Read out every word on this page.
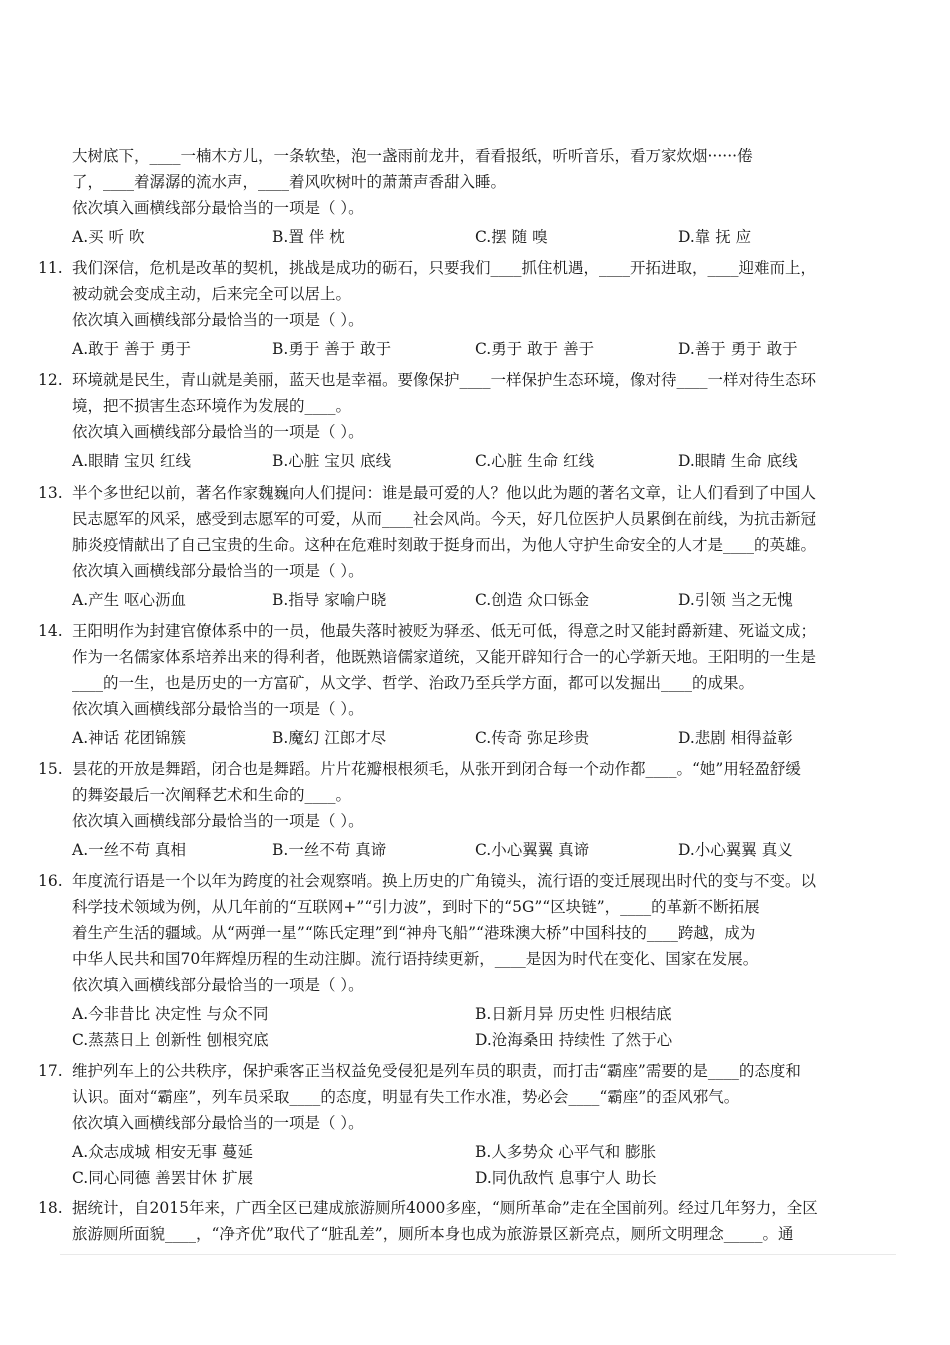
大树底下，____一楠木方儿，一条软垫，泡一盏雨前龙井，看看报纸，听听音乐，看万家炊烟······倦

了，____着潺潺的流水声，____着风吹树叶的萧萧声香甜入睡。

依次填入画横线部分最恰当的一项是（ ）。

A.买 听 吹	B.置 伴 枕	C.摆 随 嗅	D.靠 抚 应

11. 我们深信，危机是改革的契机，挑战是成功的砺石，只要我们____抓住机遇，____开拓进取，____迎难而上，

被动就会变成主动，后来完全可以居上。

依次填入画横线部分最恰当的一项是（ ）。

A.敢于 善于 勇于	B.勇于 善于 敢于	C.勇于 敢于 善于	D.善于 勇于 敢于

12. 环境就是民生，青山就是美丽，蓝天也是幸福。要像保护____一样保护生态环境，像对待____一样对待生态环

境，把不损害生态环境作为发展的____。

依次填入画横线部分最恰当的一项是（ ）。

A.眼睛 宝贝 红线	B.心脏 宝贝 底线	C.心脏 生命 红线	D.眼睛 生命 底线

13. 半个多世纪以前，著名作家魏巍向人们提问：谁是最可爱的人？他以此为题的著名文章，让人们看到了中国人

民志愿军的风采，感受到志愿军的可爱，从而____社会风尚。今天，好几位医护人员累倒在前线，为抗击新冠

肺炎疫情献出了自己宝贵的生命。这种在危难时刻敢于挺身而出，为他人守护生命安全的人才是____的英雄。

依次填入画横线部分最恰当的一项是（ ）。

A.产生 呕心沥血	B.指导 家喻户晓	C.创造 众口铄金	D.引领 当之无愧

14. 王阳明作为封建官僚体系中的一员，他最失落时被贬为驿丞、低无可低，得意之时又能封爵新建、死谥文成；

作为一名儒家体系培养出来的得利者，他既熟谙儒家道统，又能开辟知行合一的心学新天地。王阳明的一生是

____的一生，也是历史的一方富矿，从文学、哲学、治政乃至兵学方面，都可以发掘出____的成果。

依次填入画横线部分最恰当的一项是（ ）。

A.神话 花团锦簇	B.魔幻 江郎才尽	C.传奇 弥足珍贵	D.悲剧 相得益彰

15. 昙花的开放是舞蹈，闭合也是舞蹈。片片花瓣根根须毛，从张开到闭合每一个动作都____。“她”用轻盈舒缓

的舞姿最后一次阐释艺术和生命的____。

依次填入画横线部分最恰当的一项是（ ）。

A.一丝不苟 真相	B.一丝不苟 真谛	C.小心翼翼 真谛	D.小心翼翼 真义

16. 年度流行语是一个以年为跨度的社会观察哨。换上历史的广角镜头，流行语的变迁展现出时代的变与不变。以

科学技术领域为例，从几年前的“互联网+”“引力波”，到时下的“5G”“区块链”，____的革新不断拓展

着生产生活的疆域。从“两弹一星”“陈氏定理”到“神舟飞船”“港珠澳大桥”中国科技的____跨越，成为

中华人民共和国70年辉煌历程的生动注脚。流行语持续更新，____是因为时代在变化、国家在发展。

依次填入画横线部分最恰当的一项是（ ）。

A.今非昔比 决定性 与众不同	B.日新月异 历史性 归根结底
C.蒸蒸日上 创新性 刨根究底	D.沧海桑田 持续性 了然于心

17. 维护列车上的公共秩序，保护乘客正当权益免受侵犯是列车员的职责，而打击“霸座”需要的是____的态度和

认识。面对“霸座”，列车员采取____的态度，明显有失工作水准，势必会____“霸座”的歪风邪气。

依次填入画横线部分最恰当的一项是（ ）。

A.众志成城 相安无事 蔓延	B.人多势众 心平气和 膨胀
C.同心同德 善罢甘休 扩展	D.同仇敌忾 息事宁人 助长

18. 据统计，自2015年来，广西全区已建成旅游厕所4000多座，“厕所革命”走在全国前列。经过几年努力，全区

旅游厕所面貌____，“净齐优”取代了“脏乱差”，厕所本身也成为旅游景区新亮点，厕所文明理念_____。通
